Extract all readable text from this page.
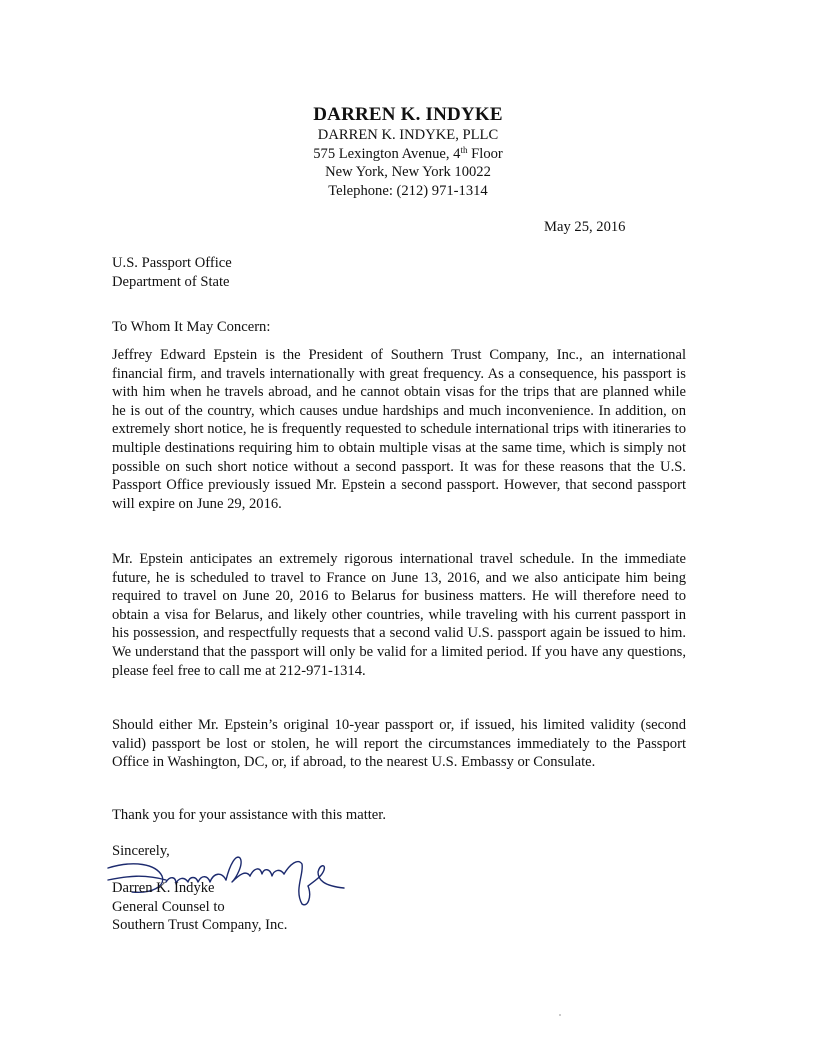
DARREN K. INDYKE
DARREN K. INDYKE, PLLC
575 Lexington Avenue, 4th Floor
New York, New York 10022
Telephone: (212) 971-1314
May 25, 2016
U.S. Passport Office
Department of State
To Whom It May Concern:
Jeffrey Edward Epstein is the President of Southern Trust Company, Inc., an international financial firm, and travels internationally with great frequency. As a consequence, his passport is with him when he travels abroad, and he cannot obtain visas for the trips that are planned while he is out of the country, which causes undue hardships and much inconvenience. In addition, on extremely short notice, he is frequently requested to schedule international trips with itineraries to multiple destinations requiring him to obtain multiple visas at the same time, which is simply not possible on such short notice without a second passport. It was for these reasons that the U.S. Passport Office previously issued Mr. Epstein a second passport. However, that second passport will expire on June 29, 2016.
Mr. Epstein anticipates an extremely rigorous international travel schedule. In the immediate future, he is scheduled to travel to France on June 13, 2016, and we also anticipate him being required to travel on June 20, 2016 to Belarus for business matters. He will therefore need to obtain a visa for Belarus, and likely other countries, while traveling with his current passport in his possession, and respectfully requests that a second valid U.S. passport again be issued to him. We understand that the passport will only be valid for a limited period. If you have any questions, please feel free to call me at 212-971-1314.
Should either Mr. Epstein’s original 10-year passport or, if issued, his limited validity (second valid) passport be lost or stolen, he will report the circumstances immediately to the Passport Office in Washington, DC, or, if abroad, to the nearest U.S. Embassy or Consulate.
Thank you for your assistance with this matter.
Sincerely,
Darren K. Indyke
General Counsel to
Southern Trust Company, Inc.
